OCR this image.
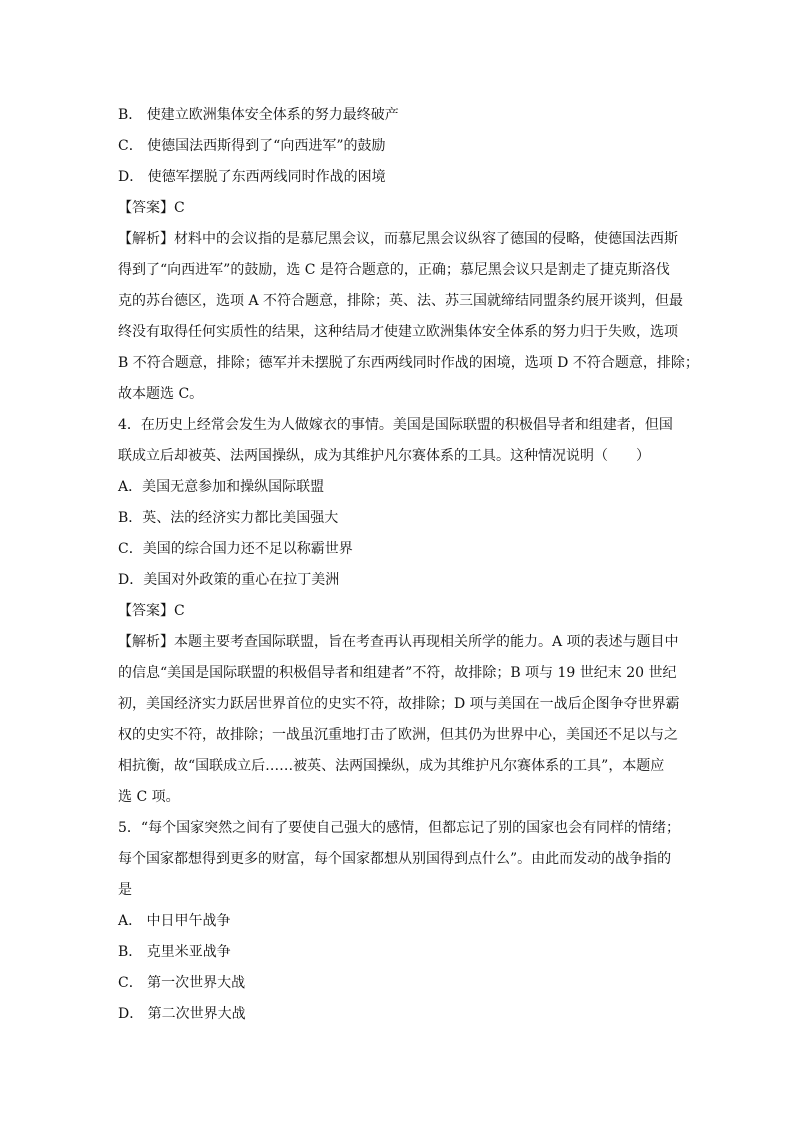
B． 使建立欧洲集体安全体系的努力最终破产

C． 使德国法西斯得到了“向西进军”的鼓励

D． 使德军摆脱了东西两线同时作战的困境

【答案】C

【解析】材料中的会议指的是慕尼黑会议，而慕尼黑会议纵容了德国的侵略，使德国法西斯

得到了“向西进军”的鼓励，选 C 是符合题意的，正确；慕尼黑会议只是割走了捷克斯洛伐

克的苏台德区，选项 A 不符合题意，排除；英、法、苏三国就缔结同盟条约展开谈判，但最

终没有取得任何实质性的结果，这种结局才使建立欧洲集体安全体系的努力归于失败，选项

B 不符合题意，排除；德军并未摆脱了东西两线同时作战的困境，选项 D 不符合题意，排除；

故本题选 C。

4．在历史上经常会发生为人做嫁衣的事情。美国是国际联盟的积极倡导者和组建者，但国

联成立后却被英、法两国操纵，成为其维护凡尔赛体系的工具。这种情况说明（　　）

A．美国无意参加和操纵国际联盟

B．英、法的经济实力都比美国强大

C．美国的综合国力还不足以称霸世界

D．美国对外政策的重心在拉丁美洲

【答案】C

【解析】本题主要考查国际联盟，旨在考查再认再现相关所学的能力。A 项的表述与题目中

的信息“美国是国际联盟的积极倡导者和组建者”不符，故排除；B 项与 19 世纪末 20 世纪

初，美国经济实力跃居世界首位的史实不符，故排除；D 项与美国在一战后企图争夺世界霸

权的史实不符，故排除；一战虽沉重地打击了欧洲，但其仍为世界中心，美国还不足以与之

相抗衡，故“国联成立后……被英、法两国操纵，成为其维护凡尔赛体系的工具”，本题应

选 C 项。

5．“每个国家突然之间有了要使自己强大的感情，但都忘记了别的国家也会有同样的情绪；

每个国家都想得到更多的财富，每个国家都想从别国得到点什么”。由此而发动的战争指的

是

A． 中日甲午战争

B． 克里米亚战争

C． 第一次世界大战

D． 第二次世界大战
